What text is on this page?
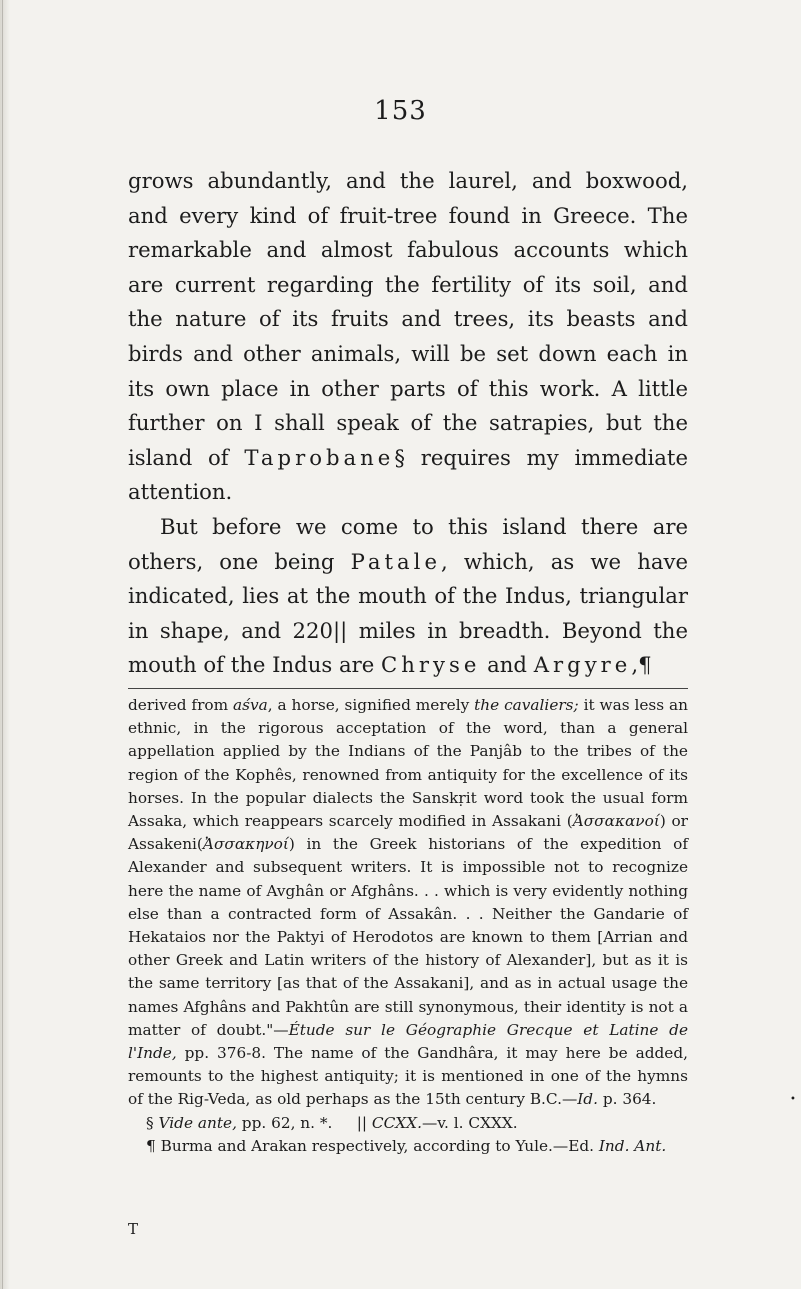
153

grows abundantly, and the laurel, and boxwood, and every kind of fruit-tree found in Greece. The remarkable and almost fabulous accounts which are current regarding the fertility of its soil, and the nature of its fruits and trees, its beasts and birds and other animals, will be set down each in its own place in other parts of this work. A little further on I shall speak of the satrapies, but the island of Taprobane§ requires my immediate attention.

But before we come to this island there are others, one being Patale, which, as we have indicated, lies at the mouth of the Indus, triangular in shape, and 220|| miles in breadth. Beyond the mouth of the Indus are Chryse and Argyre,¶

derived from aśva, a horse, signified merely the cavaliers; it was less an ethnic, in the rigorous acceptation of the word, than a general appellation applied by the Indians of the Panjâb to the tribes of the region of the Kophês, renowned from antiquity for the excellence of its horses. In the popular dialects the Sanskṛit word took the usual form Assaka, which reappears scarcely modified in Assakani (Ἀσσακανοί) or Assakeni(Ἀσσακηνοί) in the Greek historians of the expedition of Alexander and subsequent writers. It is impossible not to recognize here the name of Avghân or Afghâns. . . which is very evidently nothing else than a contracted form of Assakân. . . Neither the Gandarie of Hekataios nor the Paktyi of Herodotos are known to them [Arrian and other Greek and Latin writers of the history of Alexander], but as it is the same territory [as that of the Assakani], and as in actual usage the names Afghâns and Pakhtûn are still synonymous, their identity is not a matter of doubt."—Étude sur le Géographie Grecque et Latine de l'Inde, pp. 376-8. The name of the Gandhâra, it may here be added, remounts to the highest antiquity; it is mentioned in one of the hymns of the Rig-Veda, as old perhaps as the 15th century B.C.—Id. p. 364.

§ Vide ante, pp. 62, n. *.     || CCXX.—v. l. CXXX.

¶ Burma and Arakan respectively, according to Yule.—Ed. Ind. Ant.

T
•
